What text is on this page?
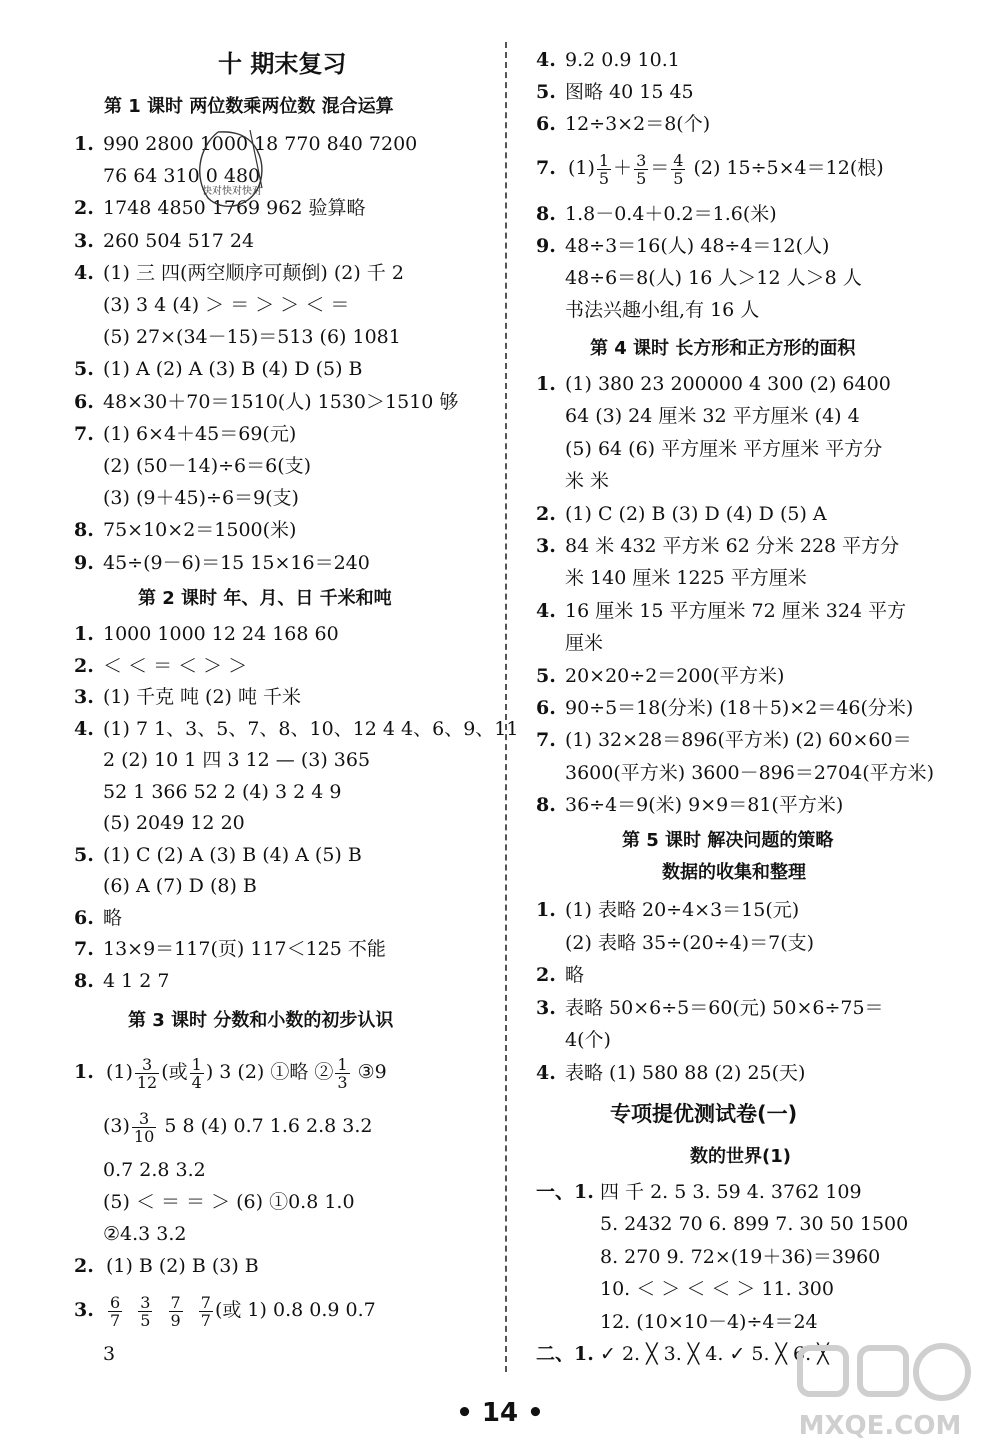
十 期末复习
第 1 课时 两位数乘两位数 混合运算
1. 990 2800 1000 18 770 840 7200
76 64 310 0 480
2. 1748 4850 1769 962 验算略
3. 260 504 517 24
4. (1) 三 四(两空顺序可颠倒) (2) 千 2
(3) 3 4 (4) ＞ ＝ ＞ ＞ ＜ ＝
(5) 27×(34－15)＝513 (6) 1081
5. (1) A (2) A (3) B (4) D (5) B
6. 48×30＋70＝1510(人) 1530＞1510 够
7. (1) 6×4＋45＝69(元)
(2) (50－14)÷6＝6(支)
(3) (9＋45)÷6＝9(支)
8. 75×10×2＝1500(米)
9. 45÷(9－6)＝15 15×16＝240
第 2 课时 年、月、日 千米和吨
1. 1000 1000 12 24 168 60
2. ＜ ＜ ＝ ＜ ＞ ＞
3. (1) 千克 吨 (2) 吨 千米
4. (1) 7 1、3、5、7、8、10、12 4 4、6、9、11
2 (2) 10 1 四 3 12 — (3) 365
52 1 366 52 2 (4) 3 2 4 9
(5) 2049 12 20
5. (1) C (2) A (3) B (4) A (5) B
(6) A (7) D (8) B
6. 略
7. 13×9＝117(页) 117＜125 不能
8. 4 1 2 7
第 3 课时 分数和小数的初步认识
1. $(1) \frac{3}{12}$ (或 $\frac{1}{4}$ ) 3 (2) ①略 ② $\frac{1}{3}$ ③9
$(3) \frac{3}{10} 5$ 8 (4) 0.7 1.6 2.8 3.2
0.7 2.8 3.2
(5) ＜ ＝ ＝ ＞ (6) ①0.8 1.0
②4.3 3.2
2. (1) B (2) B (3) B
3. $\frac{6}{7}$
$\frac{3}{5}$
$\frac{7}{9}$
$\frac{7}{7}$ (或 1) 0.8 0.9 0.7
3
快对快对快对
4. 9.2 0.9 10.1
5. 图略 40 15 45
6. 12÷3×2＝8(个)
7. $(1) \frac{1}{5} + \frac{3}{5} = \frac{4}{5} (2)$ 15÷5×4＝12(根)
8. 1.8－0.4＋0.2＝1.6(米)
9. 48÷3＝16(人) 48÷4＝12(人)
48÷6＝8(人) 16 人＞12 人＞8 人
书法兴趣小组,有 16 人
第 4 课时 长方形和正方形的面积
1. (1) 380 23 200000 4 300 (2) 6400
64 (3) 24 厘米 32 平方厘米 (4) 4
(5) 64 (6) 平方厘米 平方厘米 平方分
米 米
2. (1) C (2) B (3) D (4) D (5) A
3. 84 米 432 平方米 62 分米 228 平方分
米 140 厘米 1225 平方厘米
4. 16 厘米 15 平方厘米 72 厘米 324 平方
厘米
5. 20×20÷2＝200(平方米)
6. 90÷5＝18(分米) (18＋5)×2＝46(分米)
7. (1) 32×28＝896(平方米) (2) 60×60＝
3600(平方米) 3600－896＝2704(平方米)
8. 36÷4＝9(米) 9×9＝81(平方米)
第 5 课时 解决问题的策略
数据的收集和整理
1. (1) 表略 20÷4×3＝15(元)
(2) 表略 35÷(20÷4)＝7(支)
2. 略
3. 表略 50×6÷5＝60(元) 50×6÷75＝
4(个)
4. 表略 (1) 580 88 (2) 25(天)
专项提优测试卷(一)
数的世界(1)
一、1. 四 千 2. 5 3. 59 4. 3762 109
5. 2432 70 6. 899 7. 30 50 1500
8. 270 9. 72×(19＋36)＝3960
10. ＜ ＞ ＜ ＜ ＞ 11. 300
12. (10×10－4)÷4＝24
二、1. ✓ 2. ╳ 3. ╳ 4. ✓ 5. ╳ 6. ╳
• 14 •	MXQE.COM
